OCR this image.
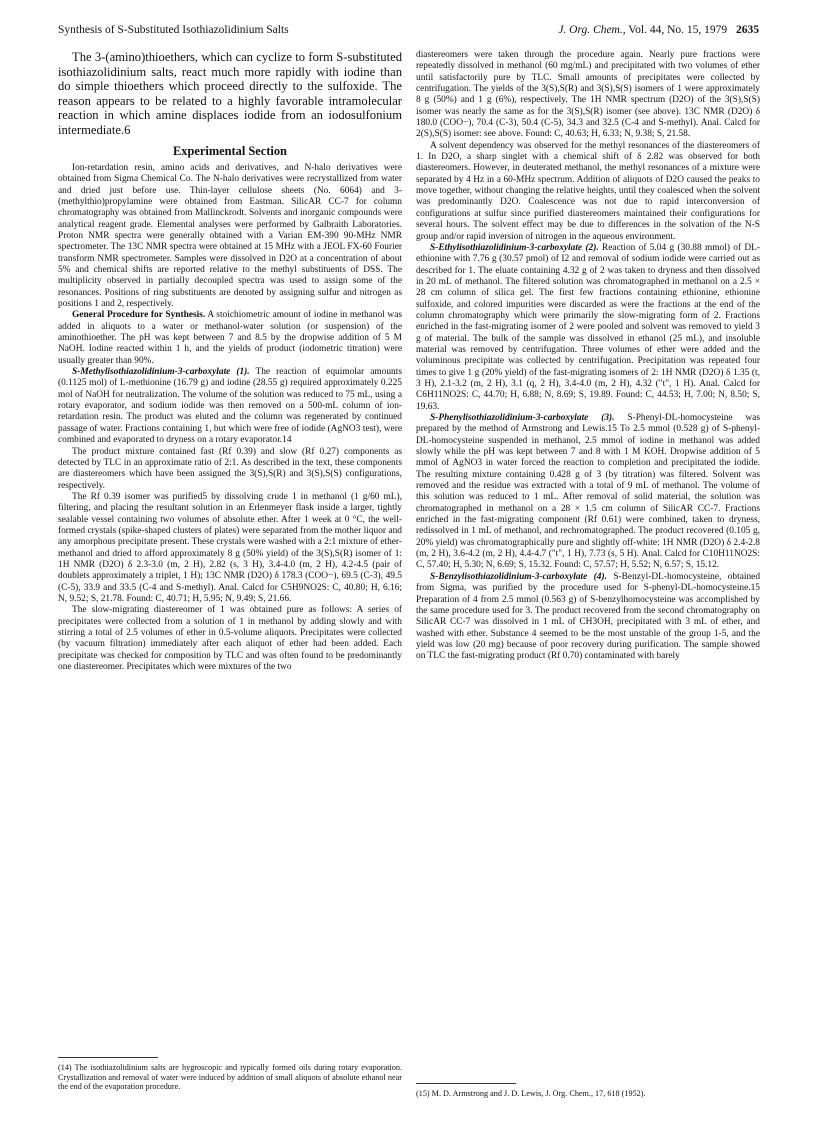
Synthesis of S-Substituted Isothiazolidinium Salts	J. Org. Chem., Vol. 44, No. 15, 1979 2635

The 3-(amino)thioethers, which can cyclize to form S-substituted isothiazolidinium salts, react much more rapidly with iodine than do simple thioethers which proceed directly to the sulfoxide. The reason appears to be related to a highly favorable intramolecular reaction in which amine displaces iodide from an iodosulfonium intermediate.6

Experimental Section

Ion-retardation resin, amino acids and derivatives, and N-halo derivatives were obtained from Sigma Chemical Co. The N-halo derivatives were recrystallized from water and dried just before use. Thin-layer cellulose sheets (No. 6064) and 3-(methylthio)propylamine were obtained from Eastman. SilicAR CC-7 for column chromatography was obtained from Mallinckrodt. Solvents and inorganic compounds were analytical reagent grade. Elemental analyses were performed by Galbraith Laboratories. Proton NMR spectra were generally obtained with a Varian EM-390 90-MHz NMR spectrometer. The 13C NMR spectra were obtained at 15 MHz with a JEOL FX-60 Fourier transform NMR spectrometer. Samples were dissolved in D2O at a concentration of about 5% and chemical shifts are reported relative to the methyl substituents of DSS. The multiplicity observed in partially decoupled spectra was used to assign some of the resonances. Positions of ring substituents are denoted by assigning sulfur and nitrogen as positions 1 and 2, respectively.

General Procedure for Synthesis. A stoichiometric amount of iodine in methanol was added in aliquots to a water or methanol-water solution (or suspension) of the aminothioether. The pH was kept between 7 and 8.5 by the dropwise addition of 5 M NaOH. Iodine reacted within 1 h, and the yields of product (iodometric titration) were usually greater than 90%.

S-Methylisothiazolidinium-3-carboxylate (1). The reaction of equimolar amounts (0.1125 mol) of L-methionine (16.79 g) and iodine (28.55 g) required approximately 0.225 mol of NaOH for neutralization. The volume of the solution was reduced to 75 mL, using a rotary evaporator, and sodium iodide was then removed on a 500-mL column of ion-retardation resin. The product was eluted and the column was regenerated by continued passage of water. Fractions containing 1, but which were free of iodide (AgNO3 test), were combined and evaporated to dryness on a rotary evaporator.14

The product mixture contained fast (Rf 0.39) and slow (Rf 0.27) components as detected by TLC in an approximate ratio of 2:1. As described in the text, these components are diastereomers which have been assigned the 3(S),S(R) and 3(S),S(S) configurations, respectively.

The Rf 0.39 isomer was purified5 by dissolving crude 1 in methanol (1 g/60 mL), filtering, and placing the resultant solution in an Erlenmeyer flask inside a larger, tightly sealable vessel containing two volumes of absolute ether. After 1 week at 0 °C, the well-formed crystals (spike-shaped clusters of plates) were separated from the mother liquor and any amorphous precipitate present. These crystals were washed with a 2:1 mixture of ether-methanol and dried to afford approximately 8 g (50% yield) of the 3(S),S(R) isomer of 1: 1H NMR (D2O) δ 2.3-3.0 (m, 2 H), 2.82 (s, 3 H), 3.4-4.0 (m, 2 H), 4.2-4.5 (pair of doublets approximately a triplet, 1 H); 13C NMR (D2O) δ 178.3 (COO−), 69.5 (C-3), 49.5 (C-5), 33.9 and 33.5 (C-4 and S-methyl). Anal. Calcd for C5H9NO2S: C, 40.80; H, 6.16; N, 9.52; S, 21.78. Found: C, 40.71; H, 5.95; N, 9.49; S, 21.66.

The slow-migrating diastereomer of 1 was obtained pure as follows: A series of precipitates were collected from a solution of 1 in methanol by adding slowly and with stirring a total of 2.5 volumes of ether in 0.5-volume aliquots. Precipitates were collected (by vacuum filtration) immediately after each aliquot of ether had been added. Each precipitate was checked for composition by TLC and was often found to be predominantly one diastereomer. Precipitates which were mixtures of the two

(14) The isothiazolidinium salts are hygroscopic and typically formed oils during rotary evaporation. Crystallization and removal of water were induced by addition of small aliquots of absolute ethanol near the end of the evaporation procedure.

diastereomers were taken through the procedure again. Nearly pure fractions were repeatedly dissolved in methanol (60 mg/mL) and precipitated with two volumes of ether until satisfactorily pure by TLC. Small amounts of precipitates were collected by centrifugation. The yields of the 3(S),S(R) and 3(S),S(S) isomers of 1 were approximately 8 g (50%) and 1 g (6%), respectively. The 1H NMR spectrum (D2O) of the 3(S),S(S) isomer was nearly the same as for the 3(S),S(R) isomer (see above). 13C NMR (D2O) δ 180.0 (COO−), 70.4 (C-3), 50.4 (C-5), 34.3 and 32.5 (C-4 and S-methyl). Anal. Calcd for 2(S),S(S) isomer: see above. Found: C, 40.63; H, 6.33; N, 9.38; S, 21.58.

A solvent dependency was observed for the methyl resonances of the diastereomers of 1. In D2O, a sharp singlet with a chemical shift of δ 2.82 was observed for both diastereomers. However, in deuterated methanol, the methyl resonances of a mixture were separated by 4 Hz in a 60-MHz spectrum. Addition of aliquots of D2O caused the peaks to move together, without changing the relative heights, until they coalesced when the solvent was predominantly D2O. Coalescence was not due to rapid interconversion of configurations at sulfur since purified diastereomers maintained their configurations for several hours. The solvent effect may be due to differences in the solvation of the N-S group and/or rapid inversion of nitrogen in the aqueous environment.

S-Ethylisothiazolidinium-3-carboxylate (2). Reaction of 5.04 g (30.88 mmol) of DL-ethionine with 7.76 g (30.57 pmol) of I2 and removal of sodium iodide were carried out as described for 1. The eluate containing 4.32 g of 2 was taken to dryness and then dissolved in 20 mL of methanol. The filtered solution was chromatographed in methanol on a 2.5 × 28 cm column of silica gel. The first few fractions containing ethionine, ethionine sulfoxide, and colored impurities were discarded as were the fractions at the end of the column chromatography which were primarily the slow-migrating form of 2. Fractions enriched in the fast-migrating isomer of 2 were pooled and solvent was removed to yield 3 g of material. The bulk of the sample was dissolved in ethanol (25 mL), and insoluble material was removed by centrifugation. Three volumes of ether were added and the voluminous precipitate was collected by centrifugation. Precipitation was repeated four times to give 1 g (20% yield) of the fast-migrating isomers of 2: 1H NMR (D2O) δ 1.35 (t, 3 H), 2.1-3.2 (m, 2 H), 3.1 (q, 2 H), 3.4-4.0 (m, 2 H), 4.32 ("t", 1 H). Anal. Calcd for C6H11NO2S: C, 44.70; H, 6.88; N, 8.69; S, 19.89. Found: C, 44.53; H, 7.00; N, 8.50; S, 19.63.

S-Phenylisothiazolidinium-3-carboxylate (3). S-Phenyl-DL-homocysteine was prepared by the method of Armstrong and Lewis.15 To 2.5 mmol (0.528 g) of S-phenyl-DL-homocysteine suspended in methanol, 2.5 mmol of iodine in methanol was added slowly while the pH was kept between 7 and 8 with 1 M KOH. Dropwise addition of 5 mmol of AgNO3 in water forced the reaction to completion and precipitated the iodide. The resulting mixture containing 0.428 g of 3 (by titration) was filtered. Solvent was removed and the residue was extracted with a total of 9 mL of methanol. The volume of this solution was reduced to 1 mL. After removal of solid material, the solution was chromatographed in methanol on a 28 × 1.5 cm column of SilicAR CC-7. Fractions enriched in the fast-migrating component (Rf 0.61) were combined, taken to dryness, redissolved in 1 mL of methanol, and rechromatographed. The product recovered (0.105 g, 20% yield) was chromatographically pure and slightly off-white: 1H NMR (D2O) δ 2.4-2.8 (m, 2 H), 3.6-4.2 (m, 2 H), 4.4-4.7 ("t", 1 H), 7.73 (s, 5 H). Anal. Calcd for C10H11NO2S: C, 57.40; H, 5.30; N, 6.69; S, 15.32. Found: C, 57.57; H, 5.52; N, 6.57; S, 15.12.

S-Benzylisothiazolidinium-3-carboxylate (4). S-Benzyl-DL-homocysteine, obtained from Sigma, was purified by the procedure used for S-phenyl-DL-homocysteine.15 Preparation of 4 from 2.5 mmol (0.563 g) of S-benzylhomocysteine was accomplished by the same procedure used for 3. The product recovered from the second chromatography on SilicAR CC-7 was dissolved in 1 mL of CH3OH, precipitated with 3 mL of ether, and washed with ether. Substance 4 seemed to be the most unstable of the group 1-5, and the yield was low (20 mg) because of poor recovery during purification. The sample showed on TLC the fast-migrating product (Rf 0.70) contaminated with barely

(15) M. D. Armstrong and J. D. Lewis, J. Org. Chem., 17, 618 (1952).
